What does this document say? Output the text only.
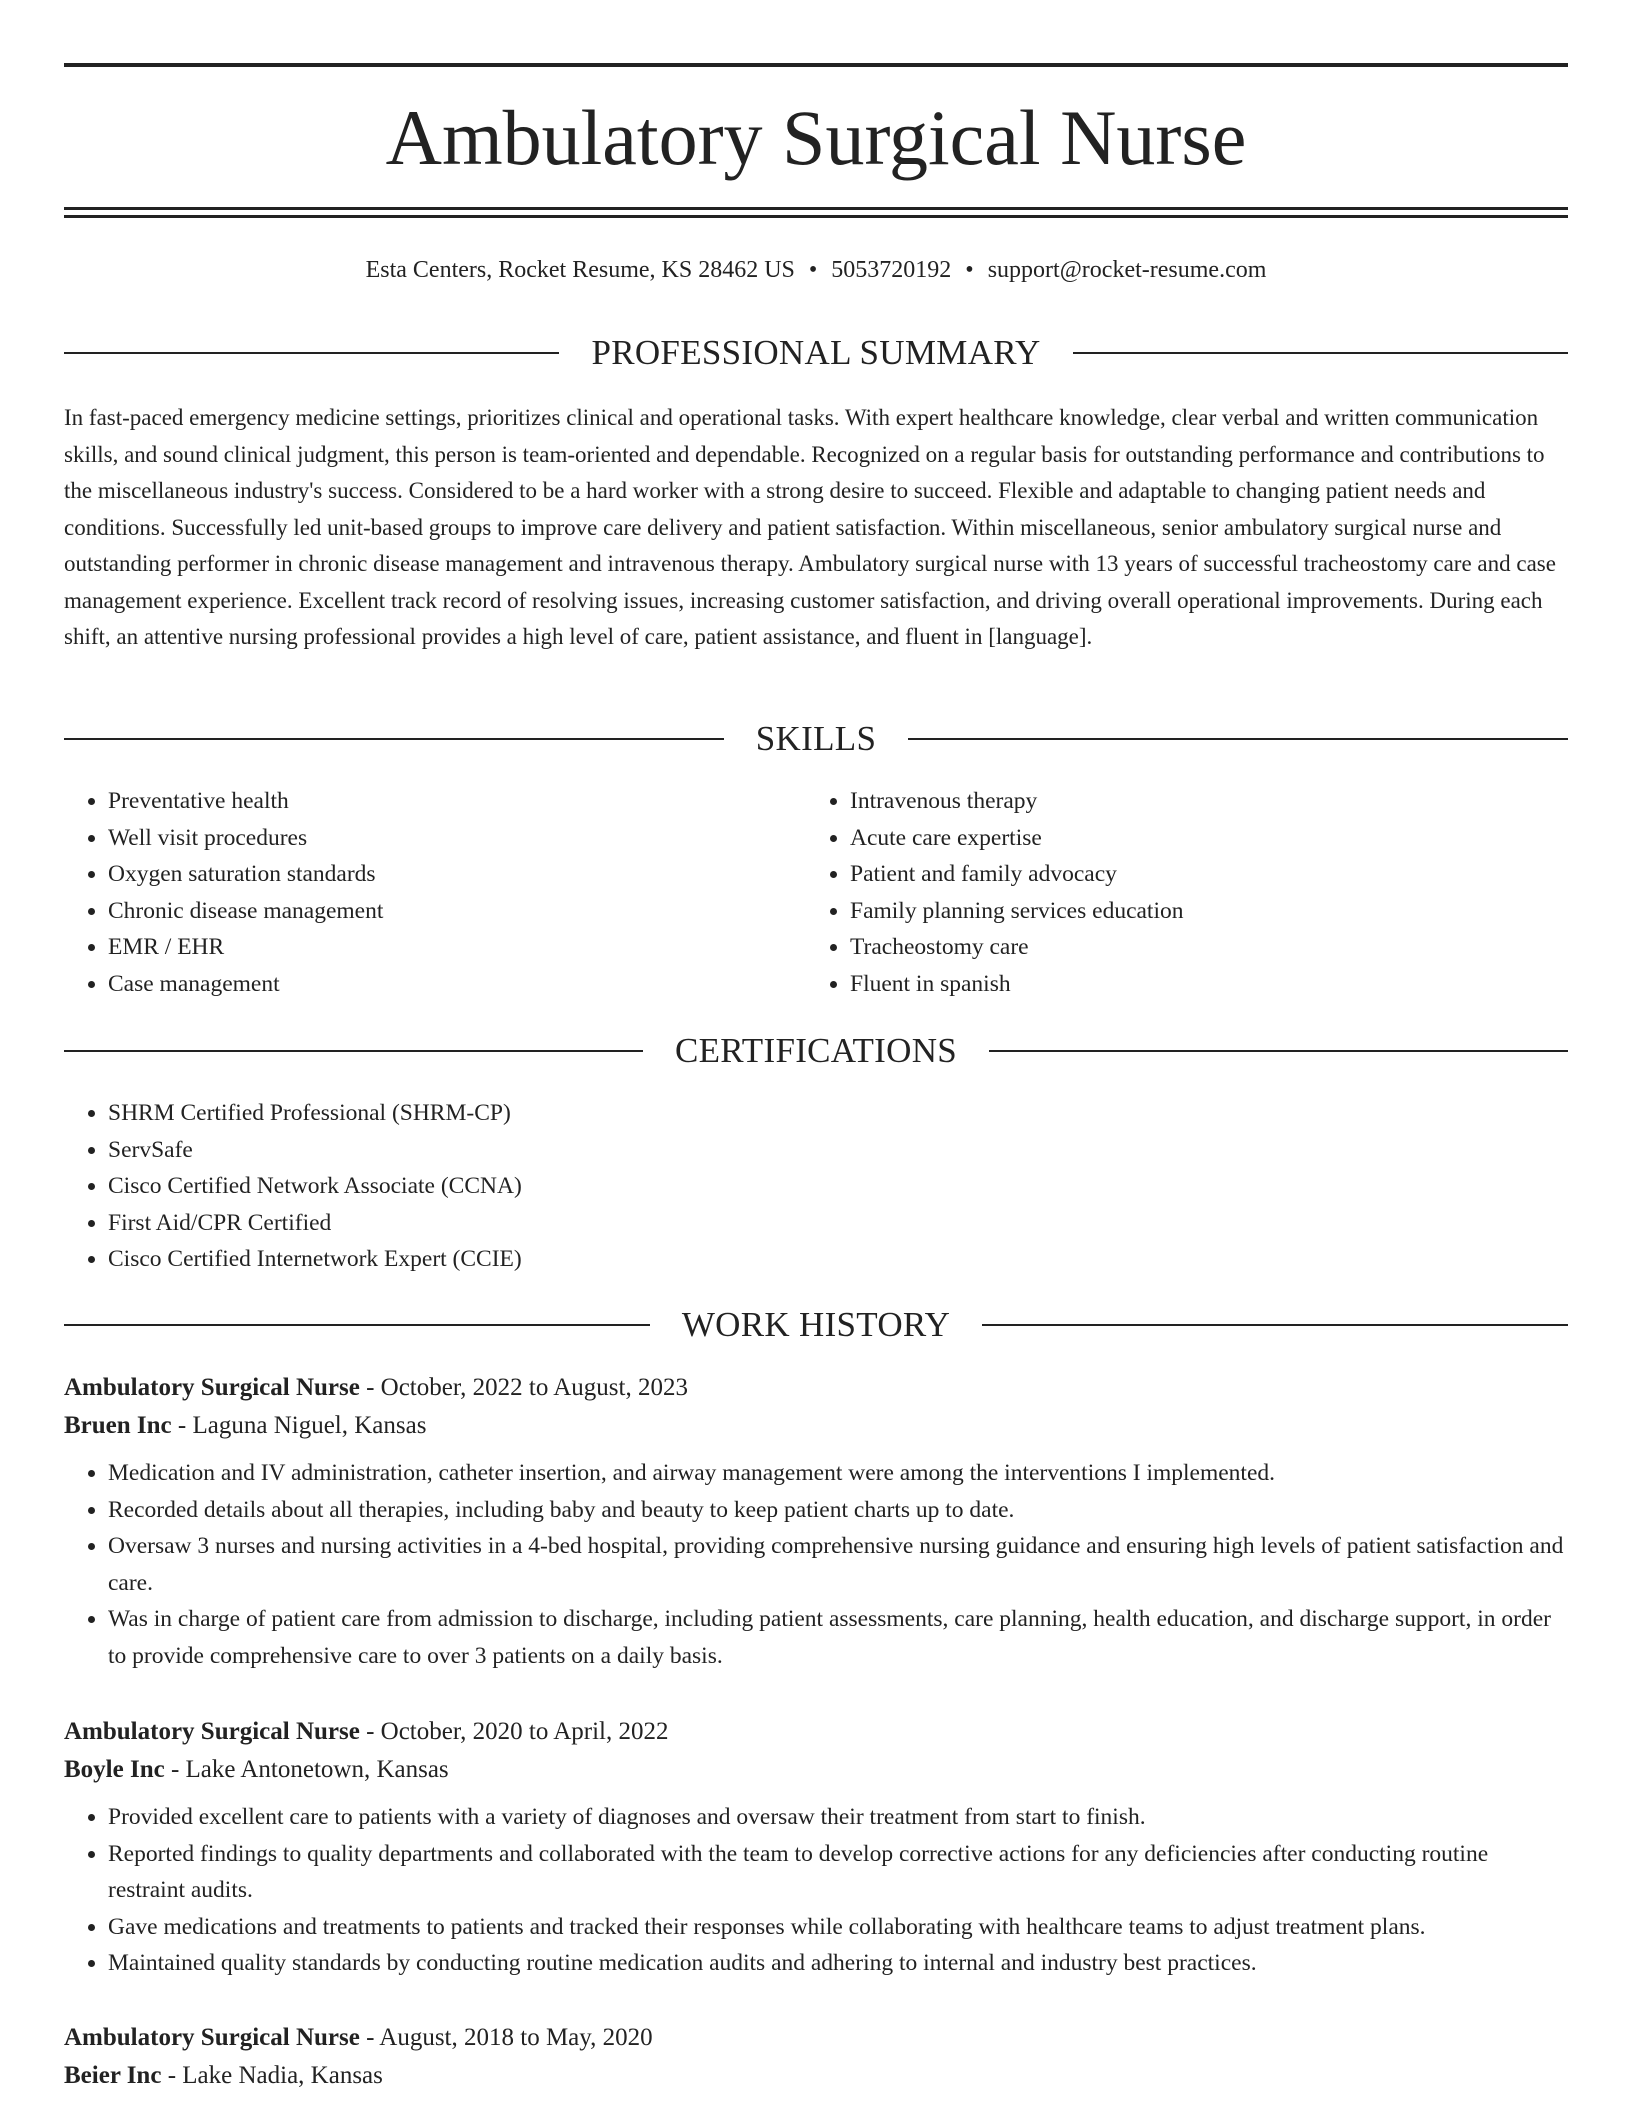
Ambulatory Surgical Nurse
Esta Centers, Rocket Resume, KS 28462 US • 5053720192 • support@rocket-resume.com
PROFESSIONAL SUMMARY

In fast-paced emergency medicine settings, prioritizes clinical and operational tasks. With expert healthcare knowledge, clear verbal and written communication skills, and sound clinical judgment, this person is team-oriented and dependable. Recognized on a regular basis for outstanding performance and contributions to the miscellaneous industry's success. Considered to be a hard worker with a strong desire to succeed. Flexible and adaptable to changing patient needs and conditions. Successfully led unit-based groups to improve care delivery and patient satisfaction. Within miscellaneous, senior ambulatory surgical nurse and outstanding performer in chronic disease management and intravenous therapy. Ambulatory surgical nurse with 13 years of successful tracheostomy care and case management experience. Excellent track record of resolving issues, increasing customer satisfaction, and driving overall operational improvements. During each shift, an attentive nursing professional provides a high level of care, patient assistance, and fluent in [language].

SKILLS
• Preventative health
• Well visit procedures
• Oxygen saturation standards
• Chronic disease management
• EMR / EHR
• Case management
• Intravenous therapy
• Acute care expertise
• Patient and family advocacy
• Family planning services education
• Tracheostomy care
• Fluent in spanish
CERTIFICATIONS
• SHRM Certified Professional (SHRM-CP)
• ServSafe
• Cisco Certified Network Associate (CCNA)
• First Aid/CPR Certified
• Cisco Certified Internetwork Expert (CCIE)
WORK HISTORY
Ambulatory Surgical Nurse - October, 2022 to August, 2023
Bruen Inc - Laguna Niguel, Kansas
• Medication and IV administration, catheter insertion, and airway management were among the interventions I implemented.
• Recorded details about all therapies, including baby and beauty to keep patient charts up to date.
• Oversaw 3 nurses and nursing activities in a 4-bed hospital, providing comprehensive nursing guidance and ensuring high levels of patient satisfaction and care.
• Was in charge of patient care from admission to discharge, including patient assessments, care planning, health education, and discharge support, in order to provide comprehensive care to over 3 patients on a daily basis.
Ambulatory Surgical Nurse - October, 2020 to April, 2022
Boyle Inc - Lake Antonetown, Kansas
• Provided excellent care to patients with a variety of diagnoses and oversaw their treatment from start to finish.
• Reported findings to quality departments and collaborated with the team to develop corrective actions for any deficiencies after conducting routine restraint audits.
• Gave medications and treatments to patients and tracked their responses while collaborating with healthcare teams to adjust treatment plans.
• Maintained quality standards by conducting routine medication audits and adhering to internal and industry best practices.
Ambulatory Surgical Nurse - August, 2018 to May, 2020
Beier Inc - Lake Nadia, Kansas
